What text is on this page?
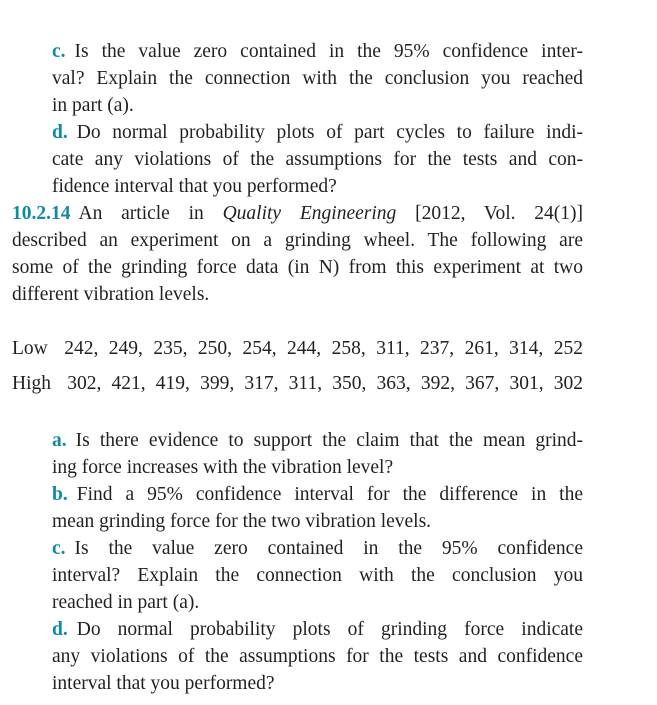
c. Is the value zero contained in the 95% confidence inter-
val? Explain the connection with the conclusion you reached
in part (a).
d. Do normal probability plots of part cycles to failure indi-
cate any violations of the assumptions for the tests and con-
fidence interval that you performed?
10.2.14 An article in Quality Engineering [2012, Vol. 24(1)]
described an experiment on a grinding wheel. The following are
some of the grinding force data (in N) from this experiment at two
different vibration levels.
Low 242, 249, 235, 250, 254, 244, 258, 311, 237, 261, 314, 252
High 302, 421, 419, 399, 317, 311, 350, 363, 392, 367, 301, 302
a. Is there evidence to support the claim that the mean grind-
ing force increases with the vibration level?
b. Find a 95% confidence interval for the difference in the
mean grinding force for the two vibration levels.
c. Is the value zero contained in the 95% confidence
interval? Explain the connection with the conclusion you
reached in part (a).
d. Do normal probability plots of grinding force indicate
any violations of the assumptions for the tests and confidence
interval that you performed?
